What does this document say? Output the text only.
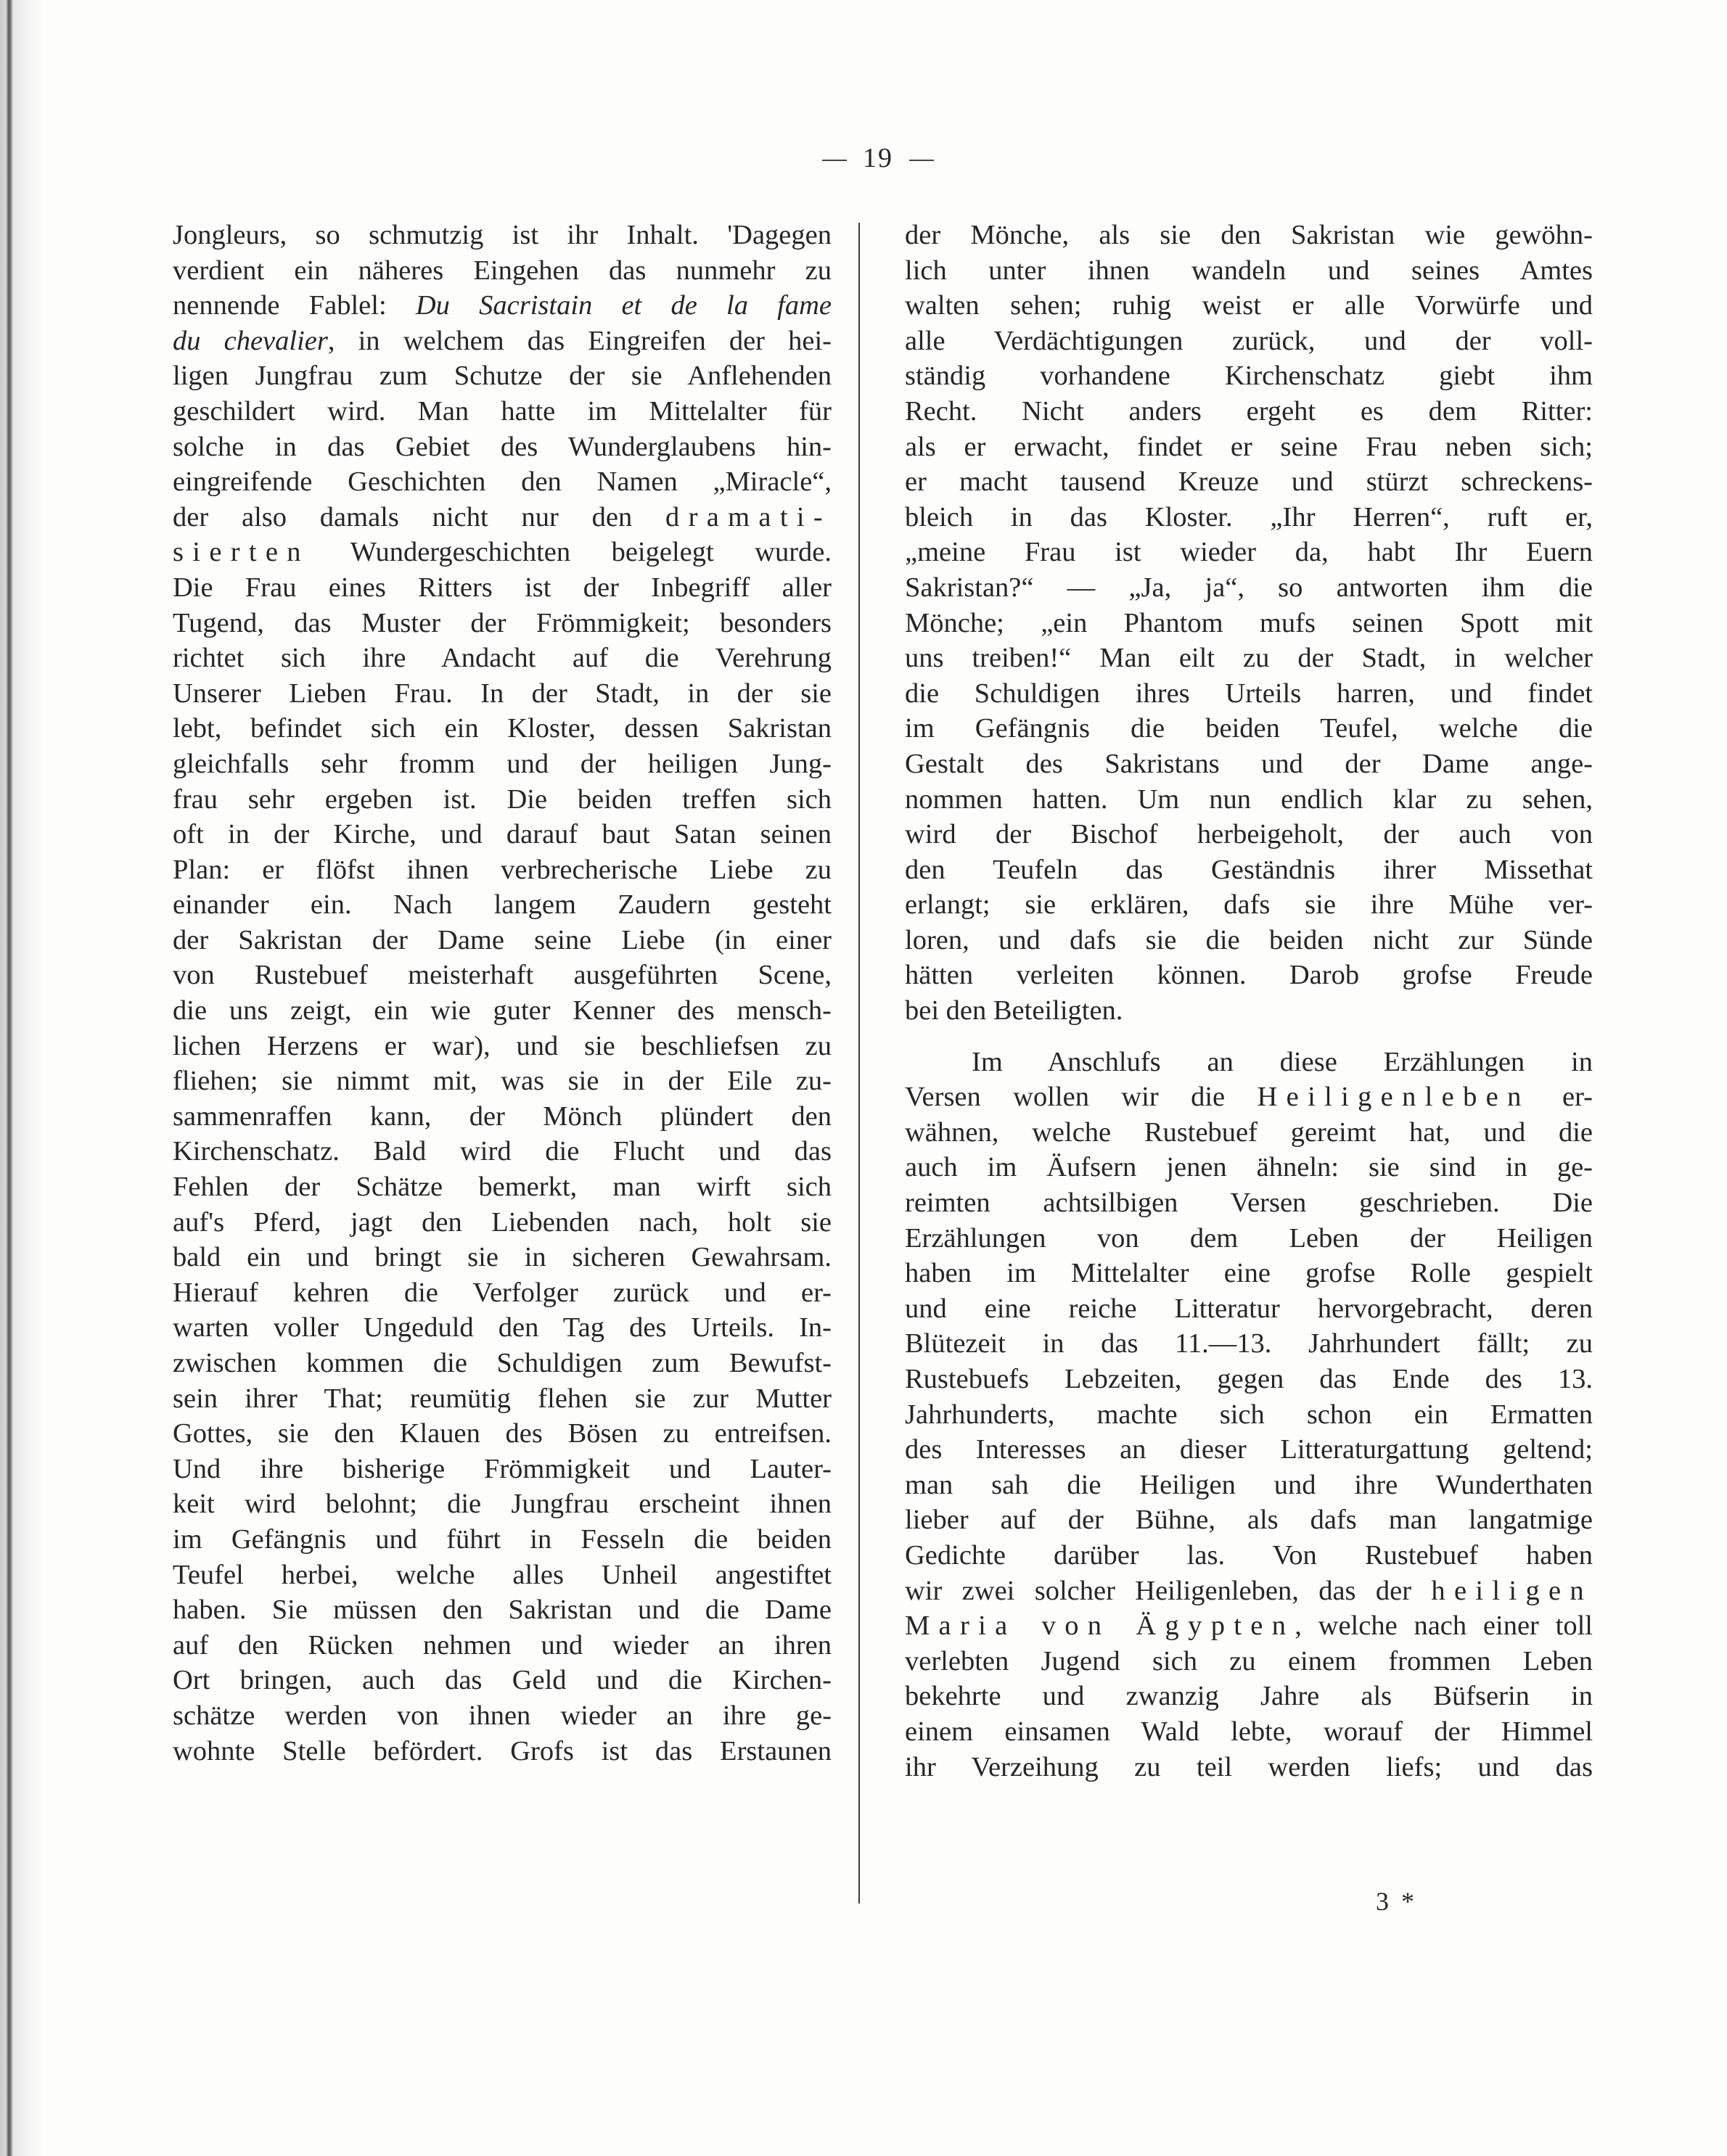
19
Jongleurs, so schmutzig ist ihr Inhalt. 'Dagegen
verdient ein näheres Eingehen das nunmehr zu
nennende Fablel: Du Sacristain et de la fame
du chevalier, in welchem das Eingreifen der hei-
ligen Jungfrau zum Schutze der sie Anflehenden
geschildert wird. Man hatte im Mittelalter für
solche in das Gebiet des Wunderglaubens hin-
eingreifende Geschichten den Namen „Miracle“,
der also damals nicht nur den dramati-
sierten Wundergeschichten beigelegt wurde.
Die Frau eines Ritters ist der Inbegriff aller
Tugend, das Muster der Frömmigkeit; besonders
richtet sich ihre Andacht auf die Verehrung
Unserer Lieben Frau. In der Stadt, in der sie
lebt, befindet sich ein Kloster, dessen Sakristan
gleichfalls sehr fromm und der heiligen Jung-
frau sehr ergeben ist. Die beiden treffen sich
oft in der Kirche, und darauf baut Satan seinen
Plan: er flöfst ihnen verbrecherische Liebe zu
einander ein. Nach langem Zaudern gesteht
der Sakristan der Dame seine Liebe (in einer
von Rustebuef meisterhaft ausgeführten Scene,
die uns zeigt, ein wie guter Kenner des mensch-
lichen Herzens er war), und sie beschliefsen zu
fliehen; sie nimmt mit, was sie in der Eile zu-
sammenraffen kann, der Mönch plündert den
Kirchenschatz. Bald wird die Flucht und das
Fehlen der Schätze bemerkt, man wirft sich
auf's Pferd, jagt den Liebenden nach, holt sie
bald ein und bringt sie in sicheren Gewahrsam.
Hierauf kehren die Verfolger zurück und er-
warten voller Ungeduld den Tag des Urteils. In-
zwischen kommen die Schuldigen zum Bewufst-
sein ihrer That; reumütig flehen sie zur Mutter
Gottes, sie den Klauen des Bösen zu entreifsen.
Und ihre bisherige Frömmigkeit und Lauter-
keit wird belohnt; die Jungfrau erscheint ihnen
im Gefängnis und führt in Fesseln die beiden
Teufel herbei, welche alles Unheil angestiftet
haben. Sie müssen den Sakristan und die Dame
auf den Rücken nehmen und wieder an ihren
Ort bringen, auch das Geld und die Kirchen-
schätze werden von ihnen wieder an ihre ge-
wohnte Stelle befördert. Grofs ist das Erstaunen
der Mönche, als sie den Sakristan wie gewöhn-
lich unter ihnen wandeln und seines Amtes
walten sehen; ruhig weist er alle Vorwürfe und
alle Verdächtigungen zurück, und der voll-
ständig vorhandene Kirchenschatz giebt ihm
Recht. Nicht anders ergeht es dem Ritter:
als er erwacht, findet er seine Frau neben sich;
er macht tausend Kreuze und stürzt schreckens-
bleich in das Kloster. „Ihr Herren“, ruft er,
„meine Frau ist wieder da, habt Ihr Euern
Sakristan?“ — „Ja, ja“, so antworten ihm die
Mönche; „ein Phantom mufs seinen Spott mit
uns treiben!“ Man eilt zu der Stadt, in welcher
die Schuldigen ihres Urteils harren, und findet
im Gefängnis die beiden Teufel, welche die
Gestalt des Sakristans und der Dame ange-
nommen hatten. Um nun endlich klar zu sehen,
wird der Bischof herbeigeholt, der auch von
den Teufeln das Geständnis ihrer Missethat
erlangt; sie erklären, dafs sie ihre Mühe ver-
loren, und dafs sie die beiden nicht zur Sünde
hätten verleiten können. Darob grofse Freude
bei den Beteiligten.
Im Anschlufs an diese Erzählungen in
Versen wollen wir die Heiligenleben er-
wähnen, welche Rustebuef gereimt hat, und die
auch im Äufsern jenen ähneln: sie sind in ge-
reimten achtsilbigen Versen geschrieben. Die
Erzählungen von dem Leben der Heiligen
haben im Mittelalter eine grofse Rolle gespielt
und eine reiche Litteratur hervorgebracht, deren
Blütezeit in das 11.—13. Jahrhundert fällt; zu
Rustebuefs Lebzeiten, gegen das Ende des 13.
Jahrhunderts, machte sich schon ein Ermatten
des Interesses an dieser Litteraturgattung geltend;
man sah die Heiligen und ihre Wunderthaten
lieber auf der Bühne, als dafs man langatmige
Gedichte darüber las. Von Rustebuef haben
wir zwei solcher Heiligenleben, das der heiligen
Maria von Ägypten, welche nach einer toll
verlebten Jugend sich zu einem frommen Leben
bekehrte und zwanzig Jahre als Büfserin in
einem einsamen Wald lebte, worauf der Himmel
ihr Verzeihung zu teil werden liefs; und das
3 *
